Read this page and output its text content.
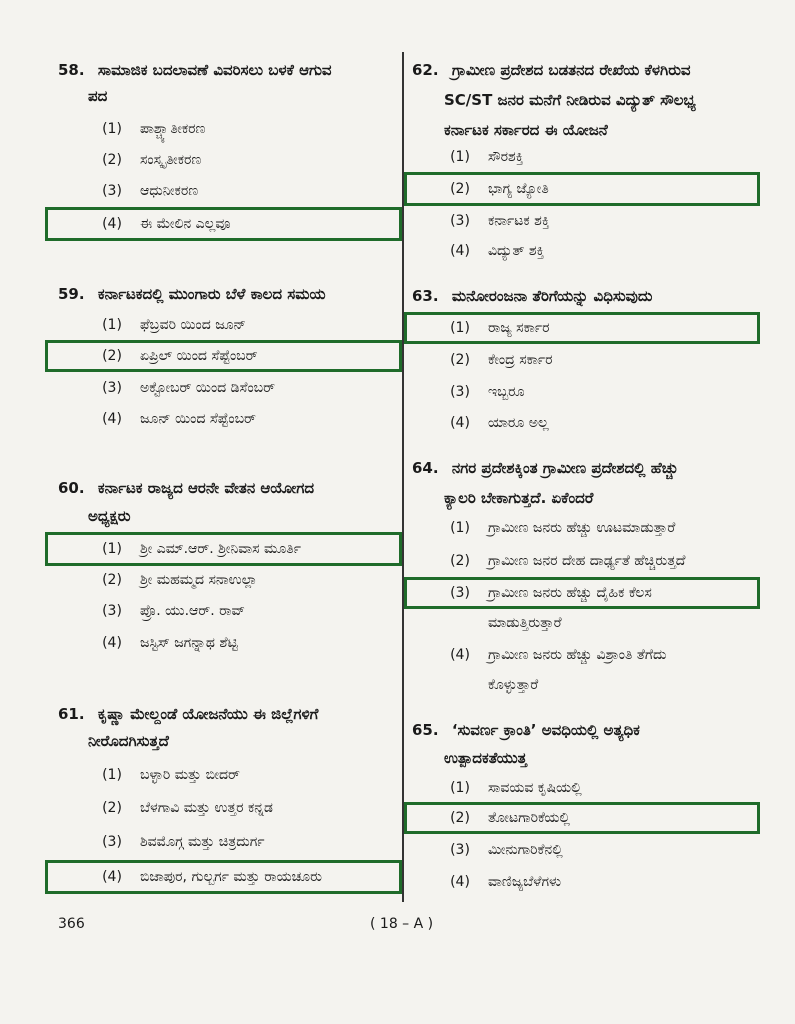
58. ಸಾಮಾಜಿಕ ಬದಲಾವಣೆ ವಿವರಿಸಲು ಬಳಕೆ ಆಗುವ
ಪದ
(1) ಪಾಶ್ಚ್ಯಾತೀಕರಣ
(2) ಸಂಸ್ಕೃತೀಕರಣ
(3) ಆಧುನೀಕರಣ
(4) ಈ ಮೇಲಿನ ಎಲ್ಲವೂ
59. ಕರ್ನಾಟಕದಲ್ಲಿ ಮುಂಗಾರು ಬೆಳೆ ಕಾಲದ ಸಮಯ
(1) ಫೆಬ್ರವರಿ ಯಿಂದ ಜೂನ್
(2) ಏಪ್ರಿಲ್ ಯಿಂದ ಸೆಪ್ಟೆಂಬರ್
(3) ಅಕ್ಟೋಬರ್ ಯಿಂದ ಡಿಸೆಂಬರ್
(4) ಜೂನ್ ಯಿಂದ ಸೆಪ್ಟೆಂಬರ್
60. ಕರ್ನಾಟಕ ರಾಜ್ಯದ ಆರನೇ ವೇತನ ಆಯೋಗದ
ಅಧ್ಯಕ್ಷರು
(1) ಶ್ರೀ ಎಮ್.ಆರ್. ಶ್ರೀನಿವಾಸ ಮೂರ್ತಿ
(2) ಶ್ರೀ ಮಹಮ್ಮದ ಸನಾಉಲ್ಲಾ
(3) ಪ್ರೊ. ಯು.ಆರ್. ರಾವ್
(4) ಜಸ್ಟಿಸ್ ಜಗನ್ನಾಥ ಶೆಟ್ಟಿ
61. ಕೃಷ್ಣಾ ಮೇಲ್ದಂಡೆ ಯೋಜನೆಯು ಈ ಜಿಲ್ಲೆಗಳಿಗೆ
ನೀರೊದಗಿಸುತ್ತದೆ
(1) ಬಳ್ಳಾರಿ ಮತ್ತು ಬೀದರ್
(2) ಬೆಳಗಾವಿ ಮತ್ತು ಉತ್ತರ ಕನ್ನಡ
(3) ಶಿವಮೊಗ್ಗ ಮತ್ತು ಚಿತ್ರದುರ್ಗ
(4) ಬಿಜಾಪುರ, ಗುಲ್ಬರ್ಗ ಮತ್ತು ರಾಯಚೂರು
62. ಗ್ರಾಮೀಣ ಪ್ರದೇಶದ ಬಡತನದ ರೇಖೆಯ ಕೆಳಗಿರುವ
SC/ST ಜನರ ಮನೆಗೆ ನೀಡಿರುವ ವಿದ್ಯುತ್ ಸೌಲಭ್ಯ
ಕರ್ನಾಟಕ ಸರ್ಕಾರದ ಈ ಯೋಜನೆ
(1) ಸೌರಶಕ್ತಿ
(2) ಭಾಗ್ಯ ಜ್ಯೋತಿ
(3) ಕರ್ನಾಟಕ ಶಕ್ತಿ
(4) ವಿದ್ಯುತ್ ಶಕ್ತಿ
63. ಮನೋರಂಜನಾ ತೆರಿಗೆಯನ್ನು ವಿಧಿಸುವುದು
(1) ರಾಜ್ಯ ಸರ್ಕಾರ
(2) ಕೇಂದ್ರ ಸರ್ಕಾರ
(3) ಇಬ್ಬರೂ
(4) ಯಾರೂ ಅಲ್ಲ
64. ನಗರ ಪ್ರದೇಶಕ್ಕಿಂತ ಗ್ರಾಮೀಣ ಪ್ರದೇಶದಲ್ಲಿ ಹೆಚ್ಚು
ಕ್ಯಾಲರಿ ಬೇಕಾಗುತ್ತದೆ. ಏಕೆಂದರೆ
(1) ಗ್ರಾಮೀಣ ಜನರು ಹೆಚ್ಚು ಊಟಮಾಡುತ್ತಾರೆ
(2) ಗ್ರಾಮೀಣ ಜನರ ದೇಹ ದಾರ್ಢ್ಯತೆ ಹೆಚ್ಚಿರುತ್ತದೆ
(3) ಗ್ರಾಮೀಣ ಜನರು ಹೆಚ್ಚು ದೈಹಿಕ ಕೆಲಸ
ಮಾಡುತ್ತಿರುತ್ತಾರೆ
(4) ಗ್ರಾಮೀಣ ಜನರು ಹೆಚ್ಚು ವಿಶ್ರಾಂತಿ ತೆಗೆದು
ಕೊಳ್ಳುತ್ತಾರೆ
65. ‘ಸುವರ್ಣ ಕ್ರಾಂತಿ’ ಅವಧಿಯಲ್ಲಿ ಅತ್ಯಧಿಕ
ಉತ್ಪಾದಕತೆಯುತ್ತ
(1) ಸಾವಯವ ಕೃಷಿಯಲ್ಲಿ
(2) ತೋಟಗಾರಿಕೆಯಲ್ಲಿ
(3) ಮೀನುಗಾರಿಕೆನಲ್ಲಿ
(4) ವಾಣಿಜ್ಯಬೆಳೆಗಳು
366	( 18 – A )
